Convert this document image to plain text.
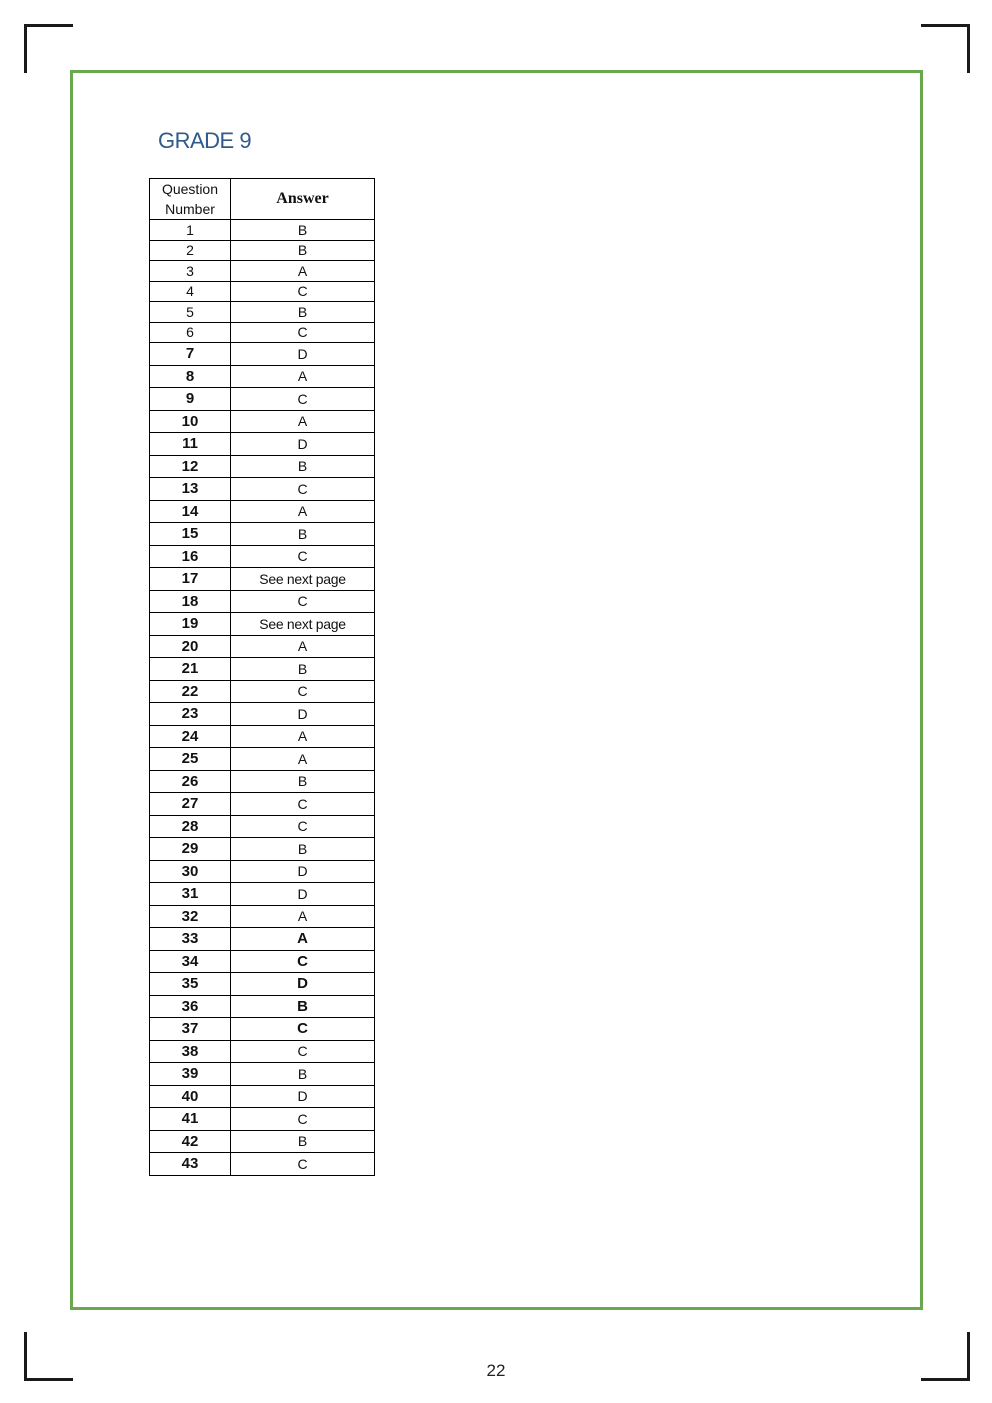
GRADE 9
Question
Number	Answer
1	B
2	B
3	A
4	C
5	B
6	C
7	D
8	A
9	C
10	A
11	D
12	B
13	C
14	A
15	B
16	C
17	See next page
18	C
19	See next page
20	A
21	B
22	C
23	D
24	A
25	A
26	B
27	C
28	C
29	B
30	D
31	D
32	A
33	A
34	C
35	D
36	B
37	C
38	C
39	B
40	D
41	C
42	B
43	C
22
